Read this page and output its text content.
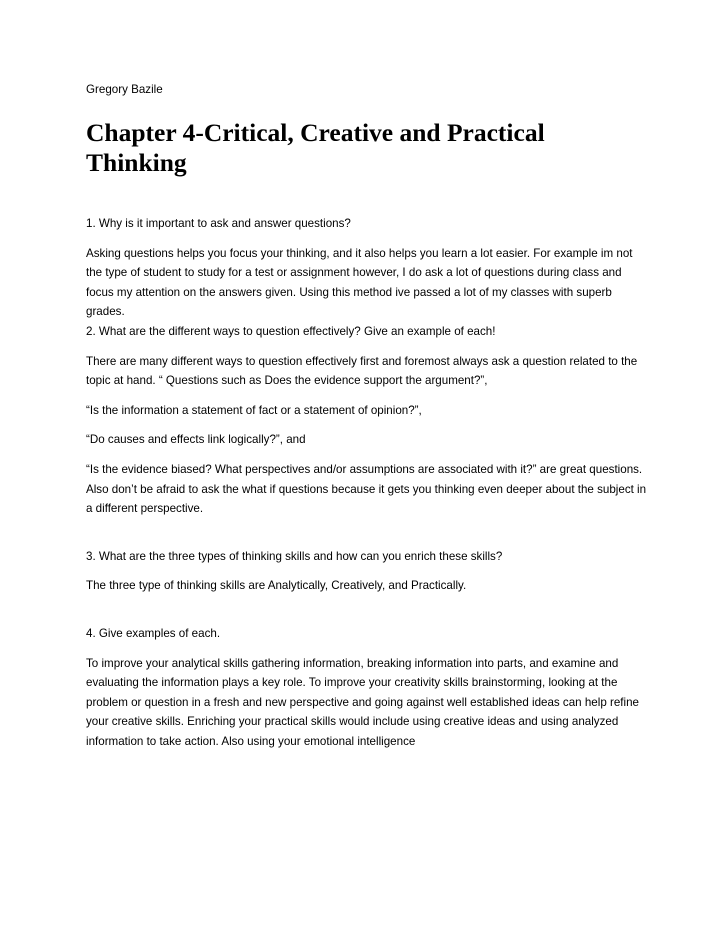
Gregory Bazile

Chapter 4-Critical, Creative and Practical Thinking

1. Why is it important to ask and answer questions?

Asking questions helps you focus your thinking, and it also helps you learn a lot easier. For example im not the type of student to study for a test or assignment however, I do ask a lot of questions during class and focus my attention on the answers given. Using this method ive passed a lot of my classes with superb grades.

2. What are the different ways to question effectively? Give an example of each!

There are many different ways to question effectively first and foremost always ask a question related to the topic at hand. “ Questions such as Does the evidence support the argument?”,

“Is the information a statement of fact or a statement of opinion?”,

“Do causes and effects link logically?”, and

“Is the evidence biased? What perspectives and/or assumptions are associated with it?” are great questions. Also don’t be afraid to ask the what if questions because it gets you thinking even deeper about the subject in a different perspective.

3. What are the three types of thinking skills and how can you enrich these skills?

The three type of thinking skills are Analytically, Creatively, and Practically.

4. Give examples of each.

To improve your analytical skills gathering information, breaking information into parts, and examine and evaluating the information plays a key role. To improve your creativity skills brainstorming, looking at the problem or question in a fresh and new perspective and going against well established ideas can help refine your creative skills. Enriching your practical skills would include using creative ideas and using analyzed information to take action. Also using your emotional intelligence
